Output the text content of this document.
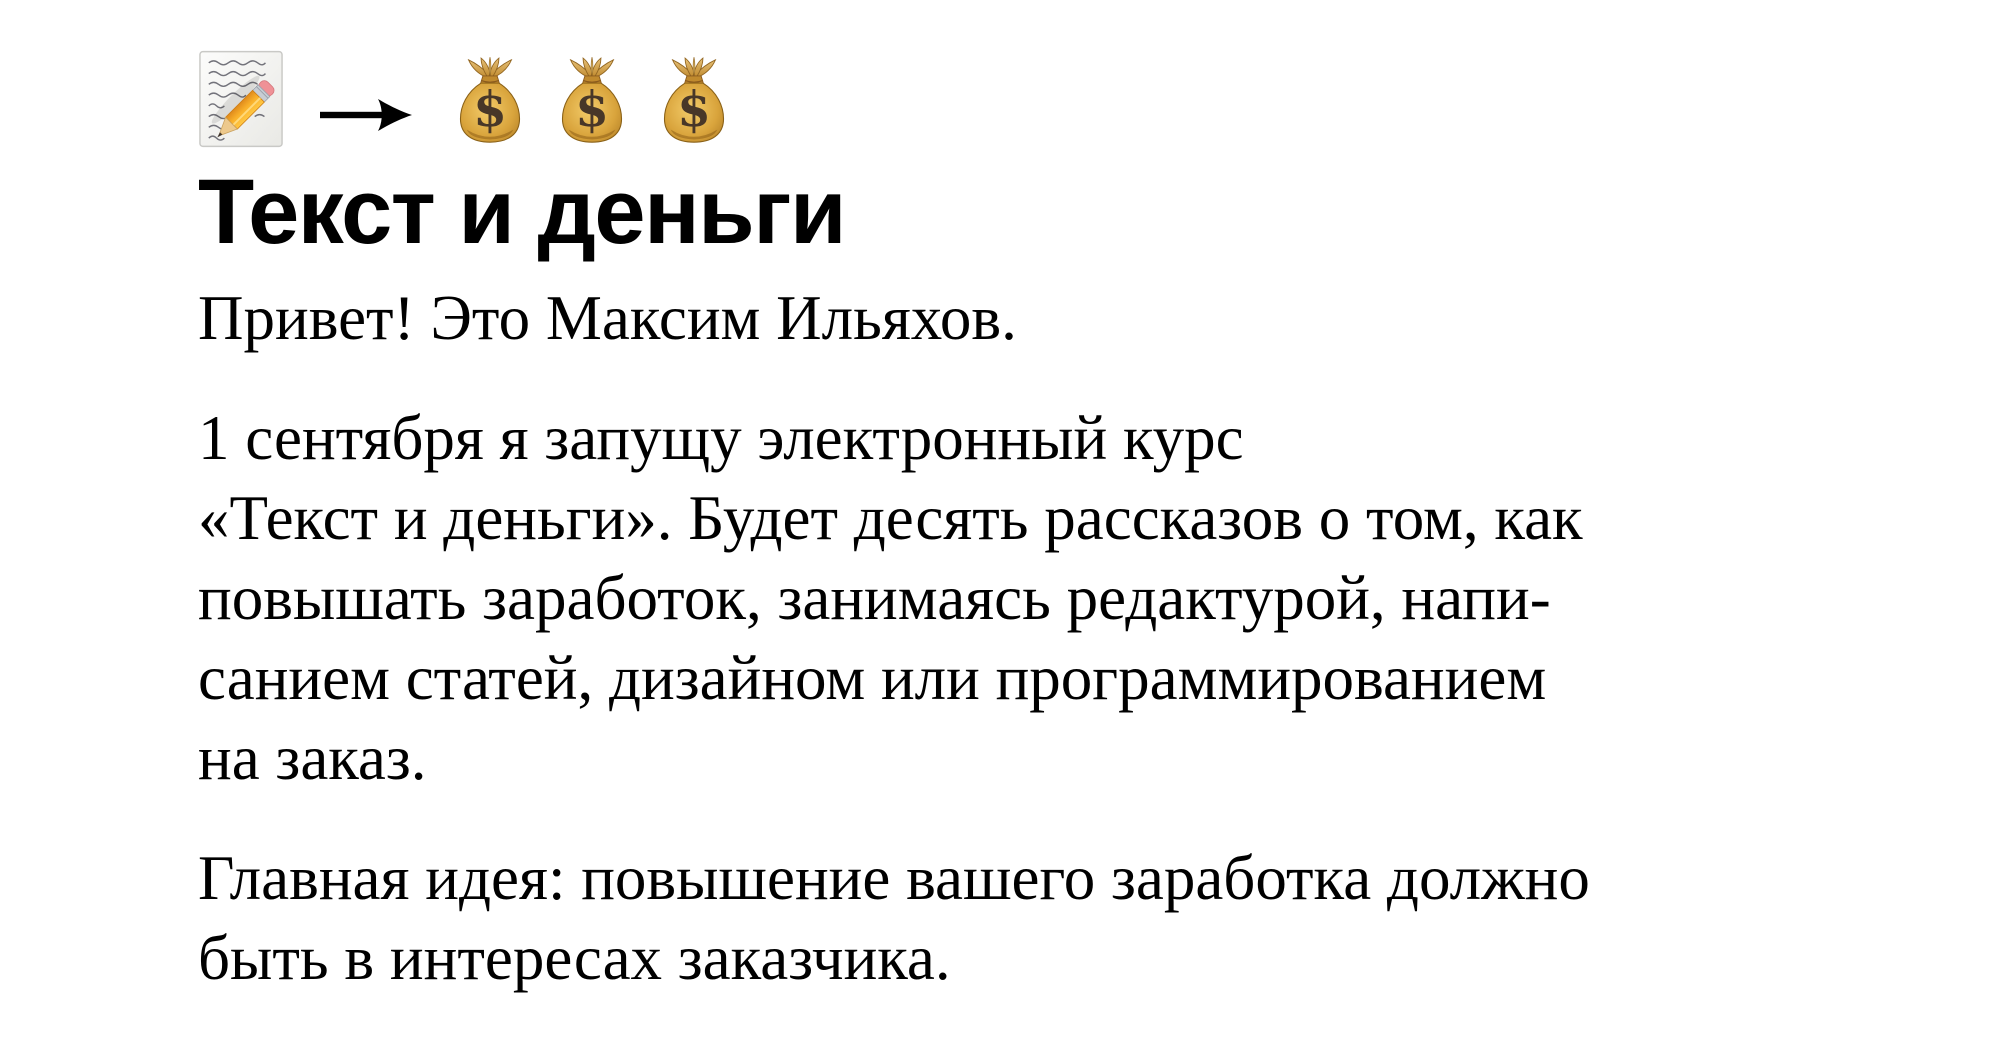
Текст и деньги

Привет! Это Максим Ильяхов.

1 сентября я запущу электронный курс
«Текст и деньги». Будет десять рассказов о том, как
повышать заработок, занимаясь редактурой, напи-
санием статей, дизайном или программированием
на заказ.

Главная идея: повышение вашего заработка должно
быть в интересах заказчика.
